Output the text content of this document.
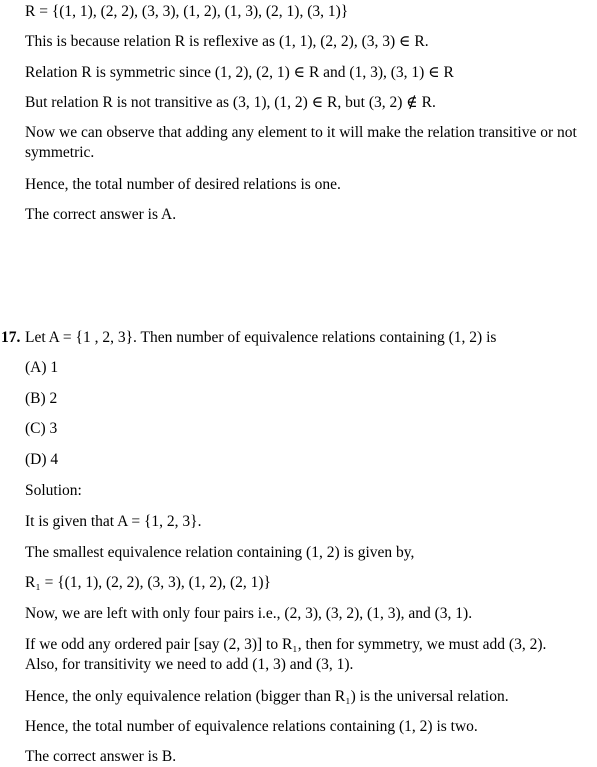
R = {(1, 1), (2, 2), (3, 3), (1, 2), (1, 3), (2, 1), (3, 1)}
This is because relation R is reflexive as (1, 1), (2, 2), (3, 3) ∈ R.
Relation R is symmetric since (1, 2), (2, 1) ∈ R and (1, 3), (3, 1) ∈ R
But relation R is not transitive as (3, 1), (1, 2) ∈ R, but (3, 2) ∉ R.
Now we can observe that adding any element to it will make the relation transitive or not symmetric.
Hence, the total number of desired relations is one.
The correct answer is A.
17. Let A = {1 , 2, 3}. Then number of equivalence relations containing (1, 2) is
(A) 1
(B) 2
(C) 3
(D) 4
Solution:
It is given that A = {1, 2, 3}.
The smallest equivalence relation containing (1, 2) is given by,
R₁ = {(1, 1), (2, 2), (3, 3), (1, 2), (2, 1)}
Now, we are left with only four pairs i.e., (2, 3), (3, 2), (1, 3), and (3, 1).
If we odd any ordered pair [say (2, 3)] to R₁, then for symmetry, we must add (3, 2).
Also, for transitivity we need to add (1, 3) and (3, 1).
Hence, the only equivalence relation (bigger than R₁) is the universal relation.
Hence, the total number of equivalence relations containing (1, 2) is two.
The correct answer is B.
